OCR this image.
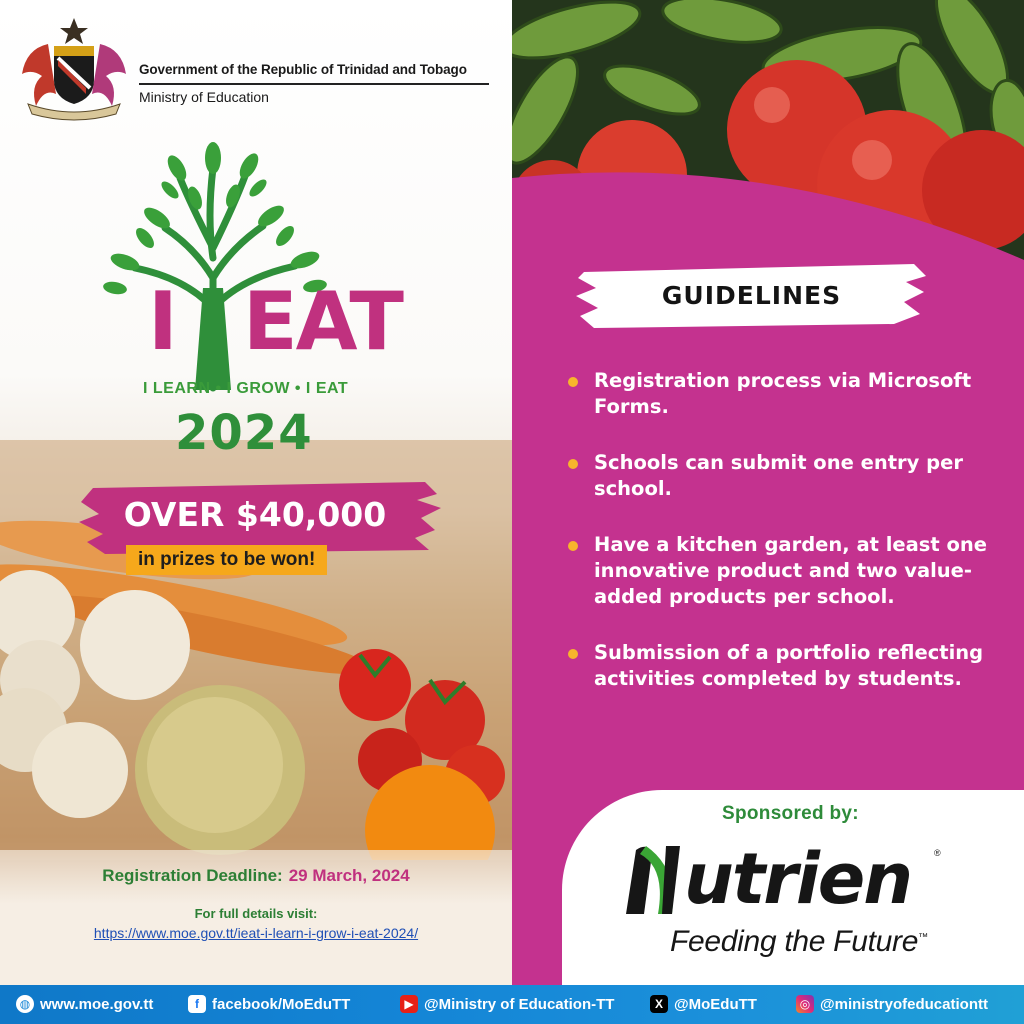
Government of the Republic of Trinidad and Tobago
Ministry of Education
I EAT
I LEARN • I GROW • I EAT
2024
OVER $40,000
in prizes to be won!
Registration Deadline: 29 March, 2024
For full details visit:
https://www.moe.gov.tt/ieat-i-learn-i-grow-i-eat-2024/
GUIDELINES
Registration process via Microsoft Forms.
Schools can submit one entry per school.
Have a kitchen garden, at least one innovative product and two value-added products per school.
Submission of a portfolio reflecting activities completed by students.
Sponsored by:
utrien	®
Feeding the Future™
◍ www.moe.gov.tt	f facebook/MoEduTT	▶ @Ministry of Education-TT	X @MoEduTT	◎ @ministryofeducationtt
